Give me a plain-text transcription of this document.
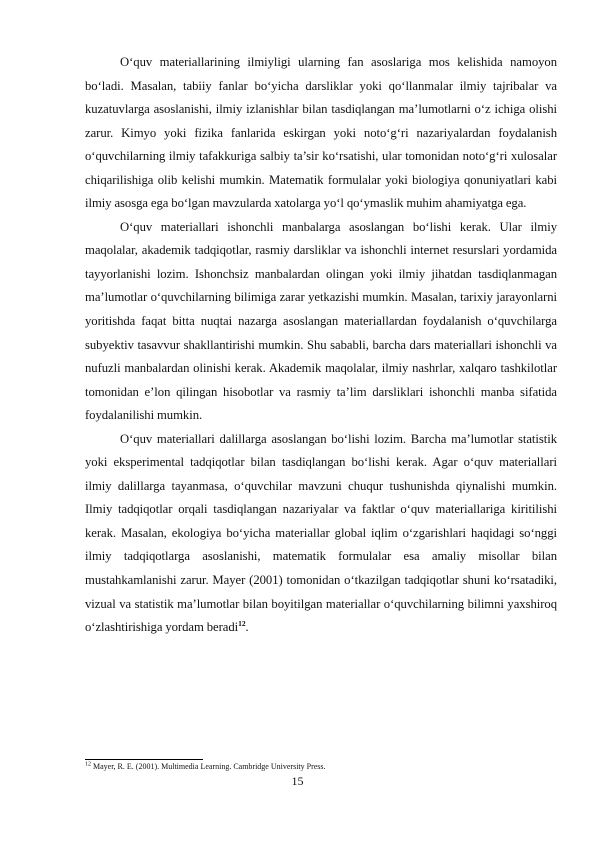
O‘quv materiallarining ilmiyligi ularning fan asoslariga mos kelishida namoyon bo‘ladi. Masalan, tabiiy fanlar bo‘yicha darsliklar yoki qo‘llanmalar ilmiy tajribalar va kuzatuvlarga asoslanishi, ilmiy izlanishlar bilan tasdiqlangan ma’lumotlarni o‘z ichiga olishi zarur. Kimyo yoki fizika fanlarida eskirgan yoki noto‘g‘ri nazariyalardan foydalanish o‘quvchilarning ilmiy tafakkuriga salbiy ta’sir ko‘rsatishi, ular tomonidan noto‘g‘ri xulosalar chiqarilishiga olib kelishi mumkin. Matematik formulalar yoki biologiya qonuniyatlari kabi ilmiy asosga ega bo‘lgan mavzularda xatolarga yo‘l qo‘ymaslik muhim ahamiyatga ega.

O‘quv materiallari ishonchli manbalarga asoslangan bo‘lishi kerak. Ular ilmiy maqolalar, akademik tadqiqotlar, rasmiy darsliklar va ishonchli internet resurslari yordamida tayyorlanishi lozim. Ishonchsiz manbalardan olingan yoki ilmiy jihatdan tasdiqlanmagan ma’lumotlar o‘quvchilarning bilimiga zarar yetkazishi mumkin. Masalan, tarixiy jarayonlarni yoritishda faqat bitta nuqtai nazarga asoslangan materiallardan foydalanish o‘quvchilarga subyektiv tasavvur shakllantirishi mumkin. Shu sababli, barcha dars materiallari ishonchli va nufuzli manbalardan olinishi kerak. Akademik maqolalar, ilmiy nashrlar, xalqaro tashkilotlar tomonidan e’lon qilingan hisobotlar va rasmiy ta’lim darsliklari ishonchli manba sifatida foydalanilishi mumkin.

O‘quv materiallari dalillarga asoslangan bo‘lishi lozim. Barcha ma’lumotlar statistik yoki eksperimental tadqiqotlar bilan tasdiqlangan bo‘lishi kerak. Agar o‘quv materiallari ilmiy dalillarga tayanmasa, o‘quvchilar mavzuni chuqur tushunishda qiynalishi mumkin. Ilmiy tadqiqotlar orqali tasdiqlangan nazariyalar va faktlar o‘quv materiallariga kiritilishi kerak. Masalan, ekologiya bo‘yicha materiallar global iqlim o‘zgarishlari haqidagi so‘nggi ilmiy tadqiqotlarga asoslanishi, matematik formulalar esa amaliy misollar bilan mustahkamlanishi zarur. Mayer (2001) tomonidan o‘tkazilgan tadqiqotlar shuni ko‘rsatadiki, vizual va statistik ma’lumotlar bilan boyitilgan materiallar o‘quvchilarning bilimni yaxshiroq o‘zlashtirishiga yordam beradi$^{12}$.

$^{12}$ Mayer, R. E. (2001). Multimedia Learning. Cambridge University Press.
15
